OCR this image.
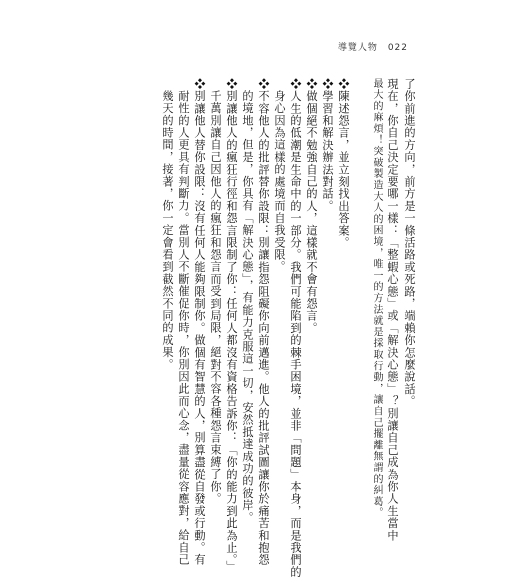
導覽人物 022
了你前進的方向，前方是一條活路或死路，端賴你怎麼說話。
現在，你自己決定要哪一樣：「整蝦心態」或「解決心態」？別讓自己成為你人生當中
最大的麻煩！突破製造大人的困境，唯一的方法就是採取行動，讓自己擺離無謂的糾葛。
❖陳述怨言，並立刻找出答案。
❖學習和解決辦法對話。
❖做個絕不勉強自己的人，這樣就不會有怨言。
❖人生的低潮是生命中的一部分。我們可能陷到的棘手困境，並非「問題」本身，而是我們的
身心因為這樣的處境而自我受限。
❖不容他人的批評替你設限：別讓指怨阻礙你向前邁進。他人的批評試圖讓你於痛苦和抱怨
的境地，但是，你具有「解決心態」，有能力克服這一切，安然抵達成功的彼岸。
❖別讓他人的瘋狂行徑和怨言限制了你：任何人都沒有資格告訴你：「你的能力到此為止。」
千萬別讓自己因他人的瘋狂和怨言而受到局限，絕對不容各種怨言束縛了你。
❖別讓他人替你設限：沒有任何人能夠限制你。做個有智慧的人，別算盡從自發或行動。有
耐性的人更具有判斷力。當別人不斷催促你時，你別因此而心念，盡量從容應對，給自己
幾天的時間，接著，你一定會看到截然不同的成果。
